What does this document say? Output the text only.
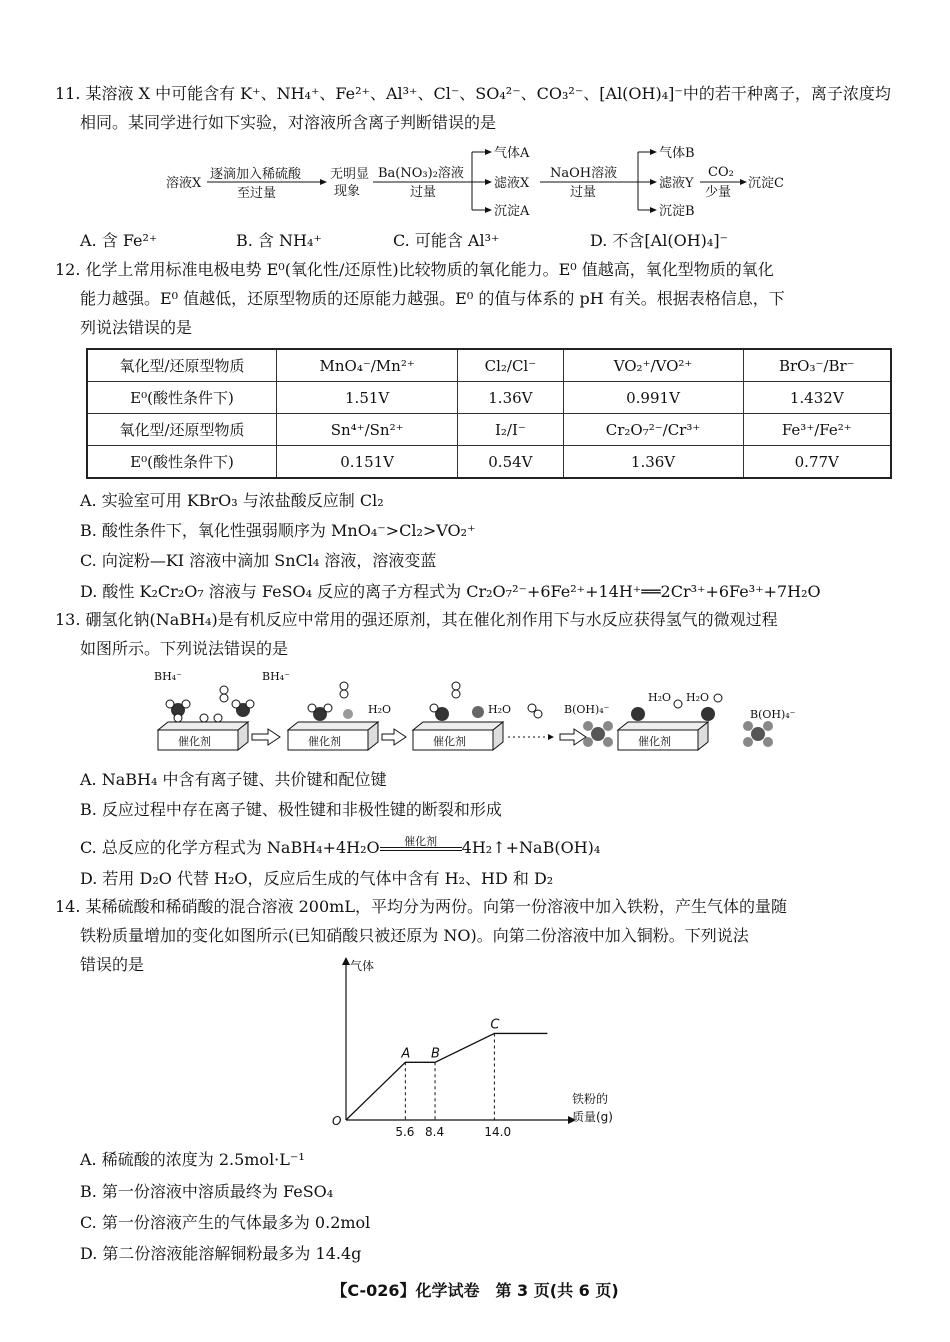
11. 某溶液 X 中可能含有 K⁺、NH₄⁺、Fe²⁺、Al³⁺、Cl⁻、SO₄²⁻、CO₃²⁻、[Al(OH)₄]⁻中的若干种离子，离子浓度均
相同。某同学进行如下实验，对溶液所含离子判断错误的是
溶液X
逐滴加入稀硫酸
至过量
无明显
现象
Ba(NO₃)₂溶液
过量
气体A
滤液X
沉淀A
NaOH溶液
过量
气体B
滤液Y
沉淀B
CO₂
少量
沉淀C
A. 含 Fe²⁺	B. 含 NH₄⁺	C. 可能含 Al³⁺	D. 不含[Al(OH)₄]⁻
12. 化学上常用标准电极电势 E⁰(氧化性/还原性)比较物质的氧化能力。E⁰ 值越高，氧化型物质的氧化
能力越强。E⁰ 值越低，还原型物质的还原能力越强。E⁰ 的值与体系的 pH 有关。根据表格信息，下
列说法错误的是
氧化型/还原型物质	MnO₄⁻/Mn²⁺	Cl₂/Cl⁻	VO₂⁺/VO²⁺	BrO₃⁻/Br⁻
E⁰(酸性条件下)	1.51V	1.36V	0.991V	1.432V
氧化型/还原型物质	Sn⁴⁺/Sn²⁺	I₂/I⁻	Cr₂O₇²⁻/Cr³⁺	Fe³⁺/Fe²⁺
E⁰(酸性条件下)	0.151V	0.54V	1.36V	0.77V
A. 实验室可用 KBrO₃ 与浓盐酸反应制 Cl₂
B. 酸性条件下，氧化性强弱顺序为 MnO₄⁻>Cl₂>VO₂⁺
C. 向淀粉—KI 溶液中滴加 SnCl₄ 溶液，溶液变蓝
D. 酸性 K₂Cr₂O₇ 溶液与 FeSO₄ 反应的离子方程式为 Cr₂O₇²⁻+6Fe²⁺+14H⁺══2Cr³⁺+6Fe³⁺+7H₂O
13. 硼氢化钠(NaBH₄)是有机反应中常用的强还原剂，其在催化剂作用下与水反应获得氢气的微观过程
如图所示。下列说法错误的是
催化剂	催化剂	催化剂	催化剂
BH₄⁻	BH₄⁻
H₂O	H₂O	B(OH)₄⁻
H₂O H₂O
B(OH)₄⁻
A. NaBH₄ 中含有离子键、共价键和配位键
B. 反应过程中存在离子键、极性键和非极性键的断裂和形成
C. 总反应的化学方程式为 NaBH₄+4H₂O	催化剂	4H₂↑+NaB(OH)₄
D. 若用 D₂O 代替 H₂O，反应后生成的气体中含有 H₂、HD 和 D₂
14. 某稀硫酸和稀硝酸的混合溶液 200mL，平均分为两份。向第一份溶液中加入铁粉，产生气体的量随
铁粉质量增加的变化如图所示(已知硝酸只被还原为 NO)。向第二份溶液中加入铜粉。下列说法
错误的是	气体
铁粉的
质量(g)
O
A B
C
5.6 8.4	14.0
A. 稀硫酸的浓度为 2.5mol·L⁻¹
B. 第一份溶液中溶质最终为 FeSO₄
C. 第一份溶液产生的气体最多为 0.2mol
D. 第二份溶液能溶解铜粉最多为 14.4g
【C-026】化学试卷　第 3 页(共 6 页)
